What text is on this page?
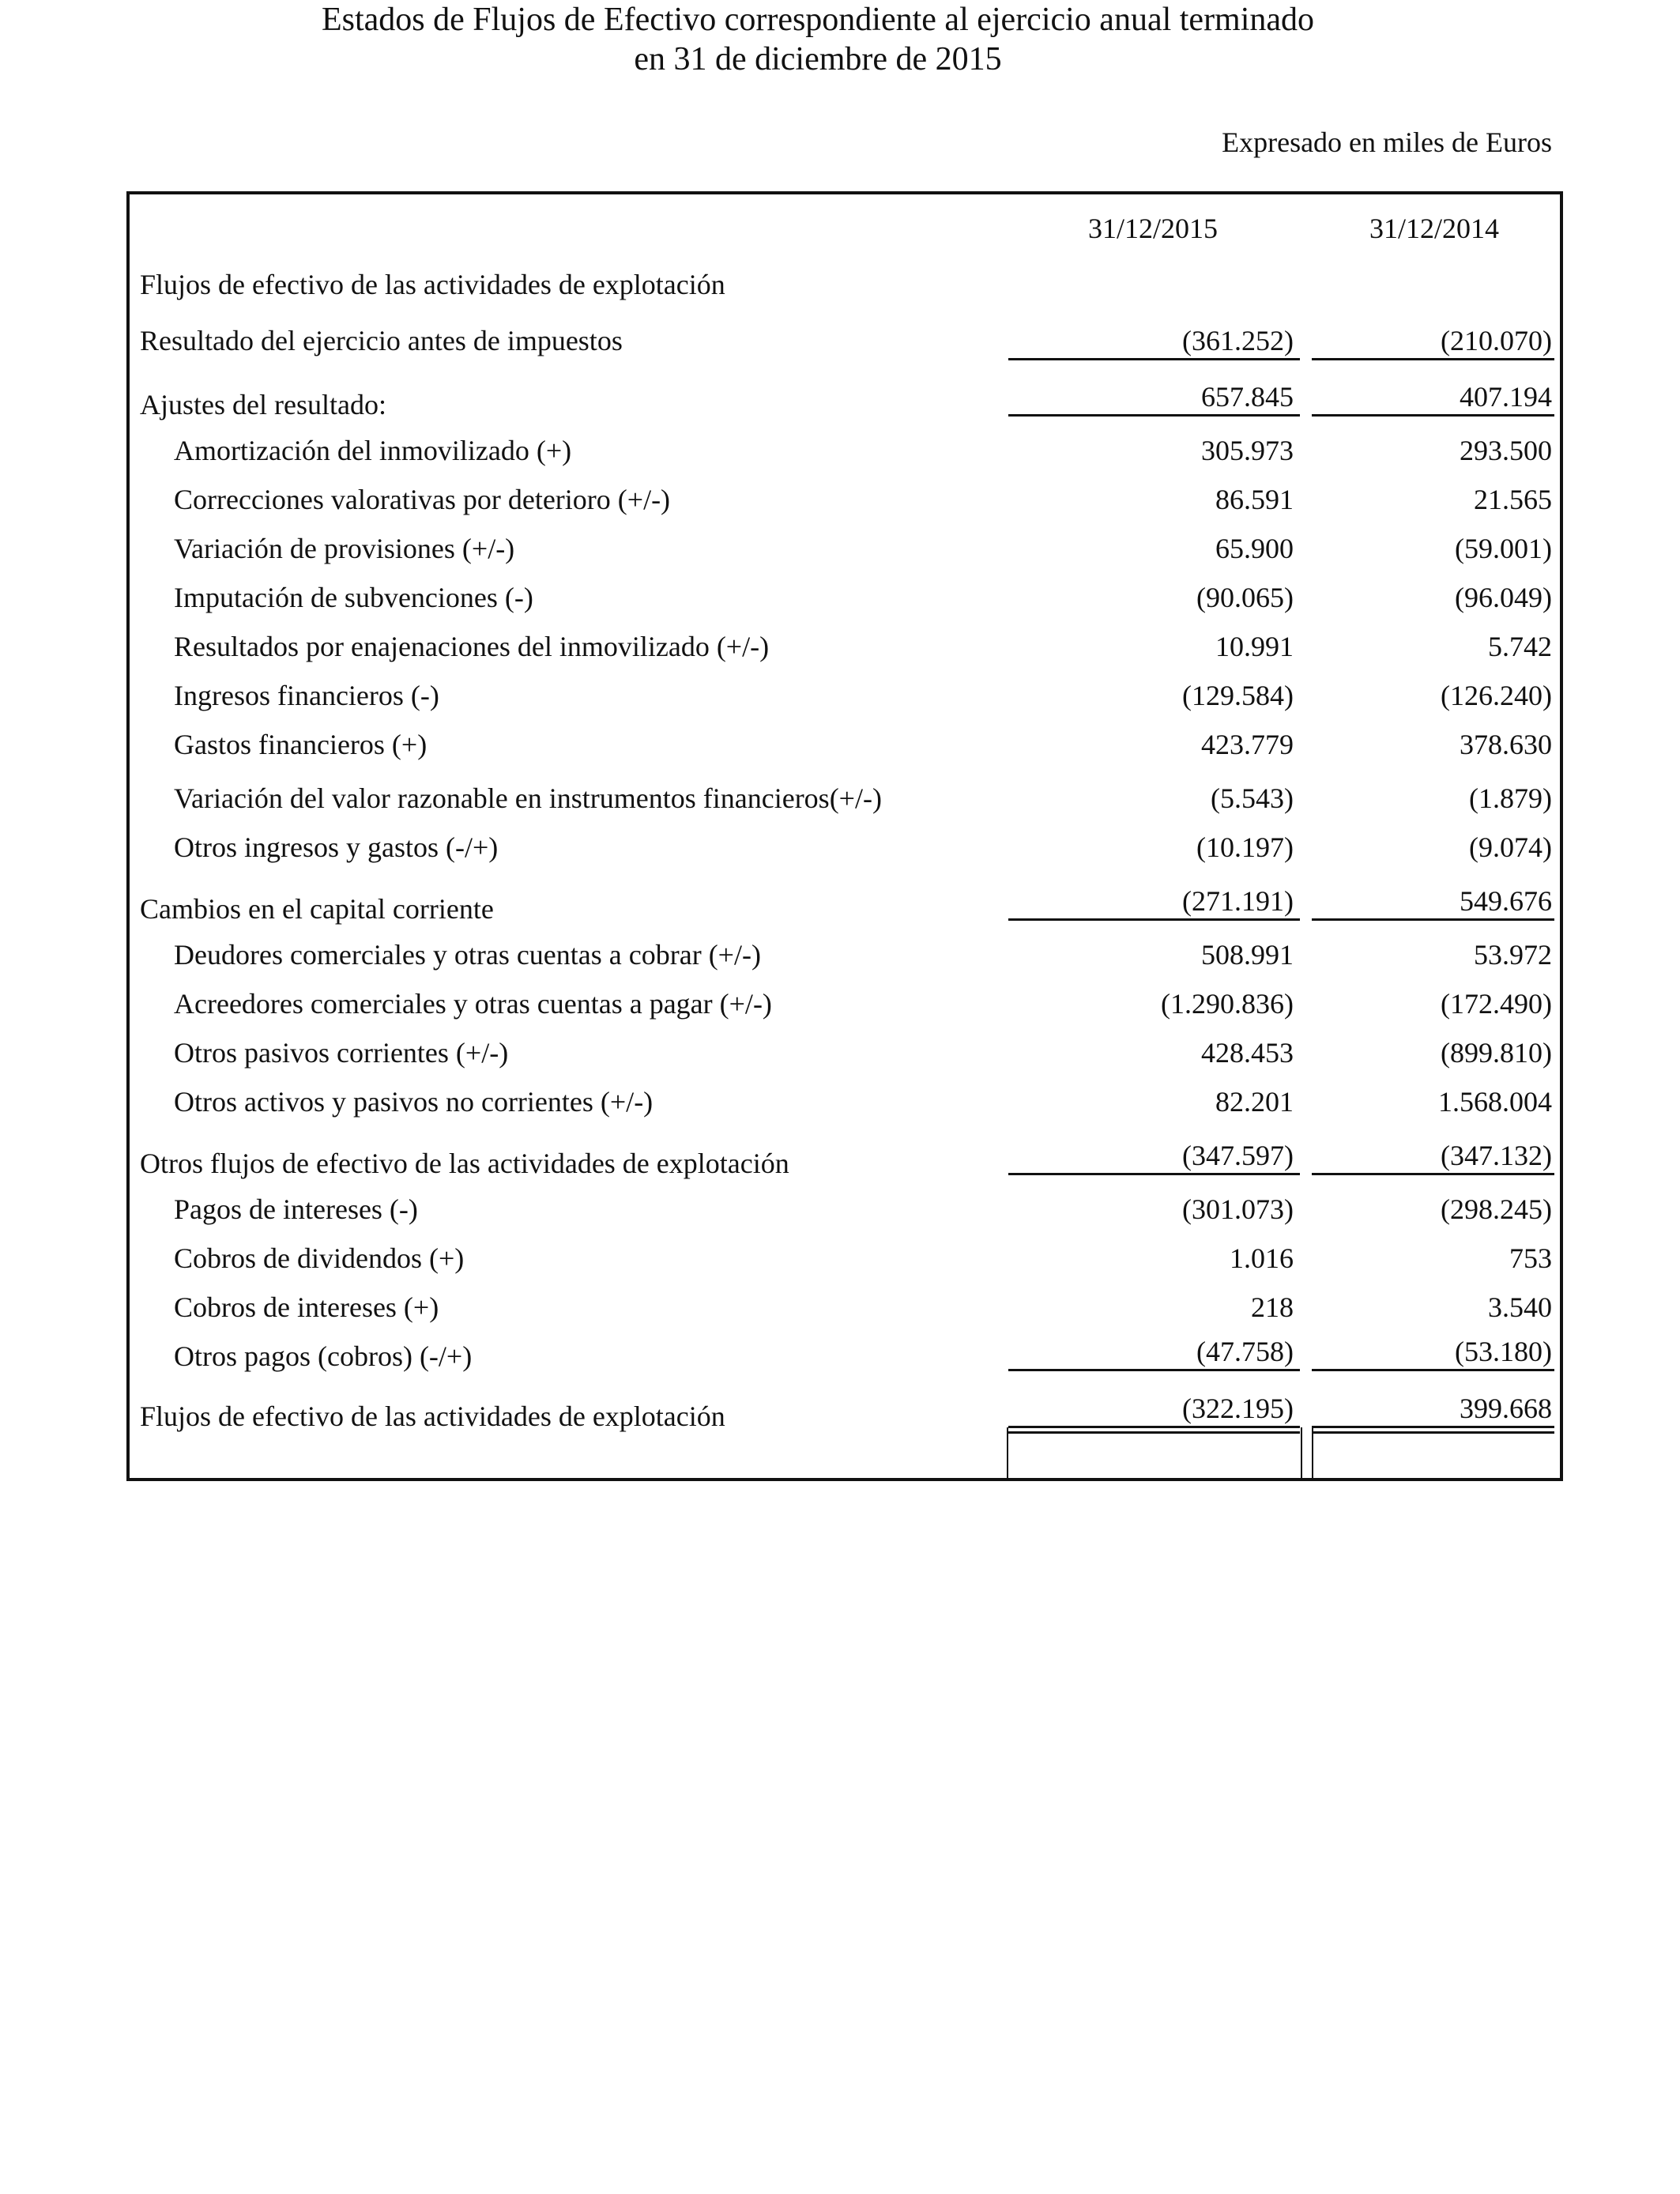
Estados de Flujos de Efectivo correspondiente al ejercicio anual terminado
en 31 de diciembre de 2015
Expresado en miles de Euros
31/12/2015	31/12/2014
Flujos de efectivo de las actividades de explotación
Resultado del ejercicio antes de impuestos	(361.252)	(210.070)
Ajustes del resultado:	657.845	407.194
Amortización del inmovilizado (+)	305.973	293.500
Correcciones valorativas por deterioro (+/-)	86.591	21.565
Variación de provisiones (+/-)	65.900	(59.001)
Imputación de subvenciones (-)	(90.065)	(96.049)
Resultados por enajenaciones del inmovilizado (+/-)	10.991	5.742
Ingresos financieros (-)	(129.584)	(126.240)
Gastos financieros (+)	423.779	378.630
Variación del valor razonable en instrumentos financieros(+/-)	(5.543)	(1.879)
Otros ingresos y gastos (-/+)	(10.197)	(9.074)
Cambios en el capital corriente	(271.191)	549.676
Deudores comerciales y otras cuentas a cobrar (+/-)	508.991	53.972
Acreedores comerciales y otras cuentas a pagar (+/-)	(1.290.836)	(172.490)
Otros pasivos corrientes (+/-)	428.453	(899.810)
Otros activos y pasivos no corrientes (+/-)	82.201	1.568.004
Otros flujos de efectivo de las actividades de explotación	(347.597)	(347.132)
Pagos de intereses (-)	(301.073)	(298.245)
Cobros de dividendos (+)	1.016	753
Cobros de intereses (+)	218	3.540
Otros pagos (cobros) (-/+)	(47.758)	(53.180)
Flujos de efectivo de las actividades de explotación	(322.195)	399.668
